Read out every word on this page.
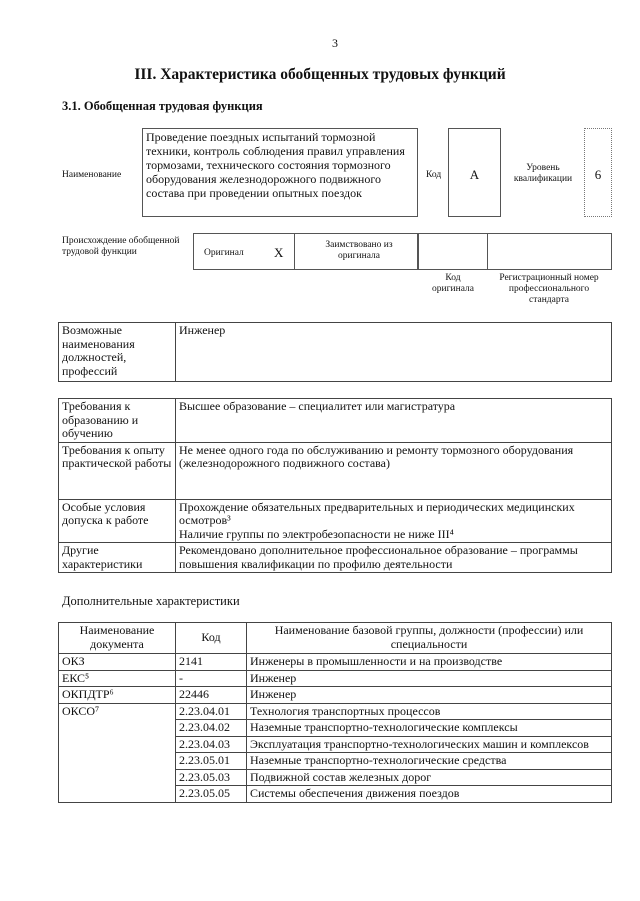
3
III. Характеристика обобщенных трудовых функций
3.1. Обобщенная трудовая функция
Наименование
Проведение поездных испытаний тормозной техники, контроль соблюдения правил управления тормозами, технического состояния тормозного оборудования железнодорожного подвижного состава при проведении опытных поездок
Код	А	Уровень квалификации	6
Происхождение обобщенной трудовой функции	Оригинал X	Заимствовано из оригинала
Код оригинала
Регистрационный номер профессионального стандарта
Возможные наименования должностей, профессий	Инженер
Требования к образованию и обучению	Высшее образование – специалитет или магистратура

Требования к опыту практической работы	Не менее одного года по обслуживанию и ремонту тормозного оборудования (железнодорожного подвижного состава)

Особые условия допуска к работе	Прохождение обязательных предварительных и периодических медицинских осмотров³
Наличие группы по электробезопасности не ниже III⁴

Другие характеристики	Рекомендовано дополнительное профессиональное образование – программы повышения квалификации по профилю деятельности
Дополнительные характеристики
Наименование документа	Код	Наименование базовой группы, должности (профессии) или специальности
ОКЗ	2141	Инженеры в промышленности и на производстве
ЕКС⁵	-	Инженер
ОКПДТР⁶	22446	Инженер
ОКСО⁷	2.23.04.01	Технология транспортных процессов
	2.23.04.02	Наземные транспортно-технологические комплексы
	2.23.04.03	Эксплуатация транспортно-технологических машин и комплексов
	2.23.05.01	Наземные транспортно-технологические средства
	2.23.05.03	Подвижной состав железных дорог
	2.23.05.05	Системы обеспечения движения поездов
